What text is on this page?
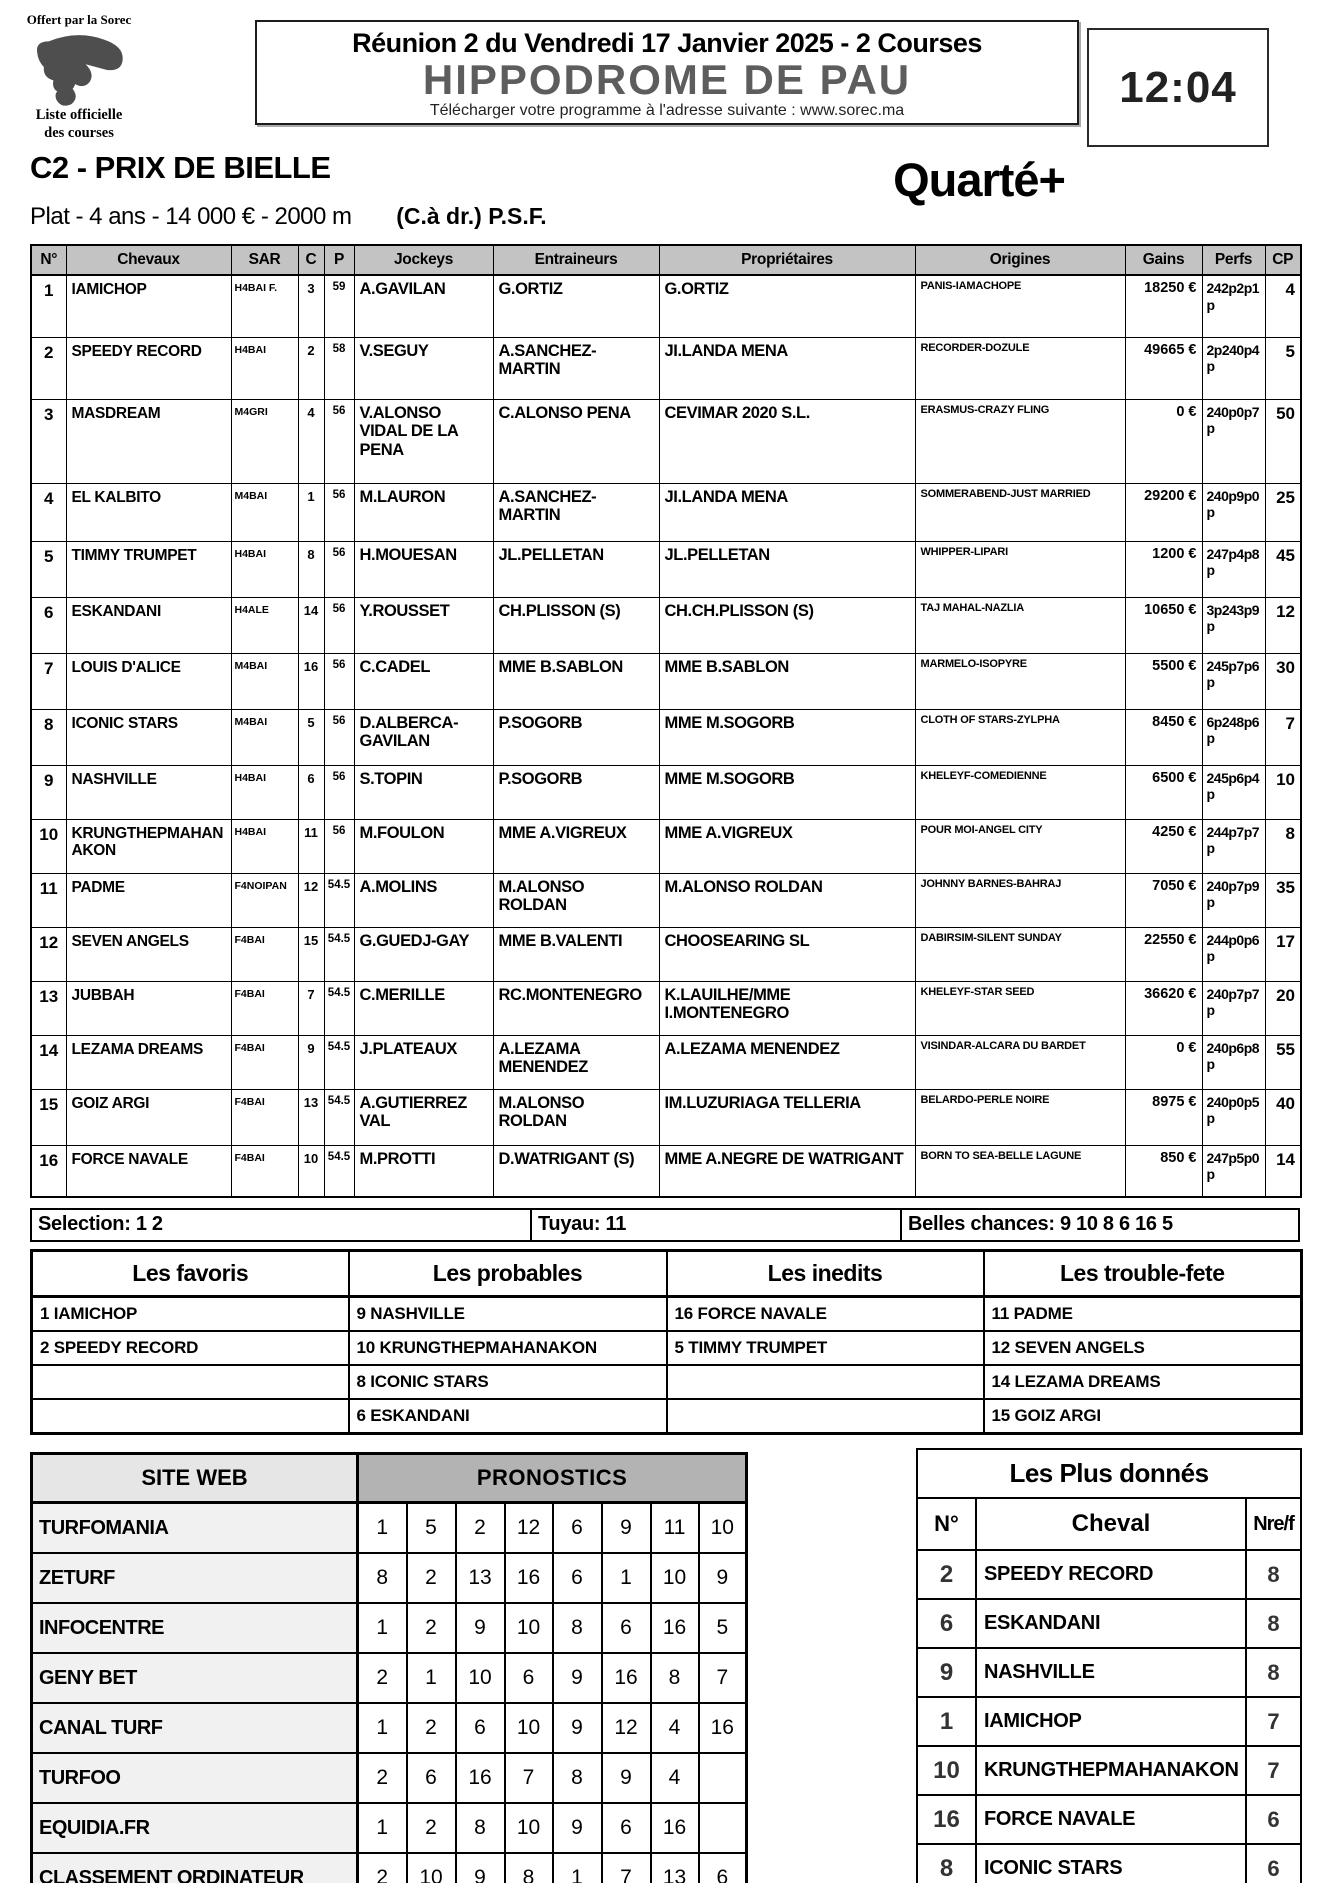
Offert par la Sorec
Liste officielle
des courses
Réunion 2 du Vendredi 17 Janvier 2025 - 2 Courses
HIPPODROME DE PAU
Télécharger votre programme à l'adresse suivante : www.sorec.ma	12:04
C2 - PRIX DE BIELLE	Quarté+
Plat - 4 ans - 14 000 € - 2000 m (C.à dr.) P.S.F.
N°	Chevaux	SAR	C	P	Jockeys	Entraineurs	Propriétaires	Origines	Gains	Perfs	CP
1	IAMICHOP	H4BAI F.	3	59	A.GAVILAN	G.ORTIZ	G.ORTIZ	PANIS-IAMACHOPE	18250 €	242p2p1p	4
2	SPEEDY RECORD	H4BAI	2	58	V.SEGUY	A.SANCHEZ-MARTIN	JI.LANDA MENA	RECORDER-DOZULE	49665 €	2p240p4p	5
3	MASDREAM	M4GRI	4	56	V.ALONSO VIDAL DE LA PENA	C.ALONSO PENA	CEVIMAR 2020 S.L.	ERASMUS-CRAZY FLING	0 €	240p0p7p	50
4	EL KALBITO	M4BAI	1	56	M.LAURON	A.SANCHEZ-MARTIN	JI.LANDA MENA	SOMMERABEND-JUST MARRIED	29200 €	240p9p0p	25
5	TIMMY TRUMPET	H4BAI	8	56	H.MOUESAN	JL.PELLETAN	JL.PELLETAN	WHIPPER-LIPARI	1200 €	247p4p8p	45
6	ESKANDANI	H4ALE	14	56	Y.ROUSSET	CH.PLISSON (S)	CH.CH.PLISSON (S)	TAJ MAHAL-NAZLIA	10650 €	3p243p9p	12
7	LOUIS D'ALICE	M4BAI	16	56	C.CADEL	MME B.SABLON	MME B.SABLON	MARMELO-ISOPYRE	5500 €	245p7p6p	30
8	ICONIC STARS	M4BAI	5	56	D.ALBERCA-GAVILAN	P.SOGORB	MME M.SOGORB	CLOTH OF STARS-ZYLPHA	8450 €	6p248p6p	7
9	NASHVILLE	H4BAI	6	56	S.TOPIN	P.SOGORB	MME M.SOGORB	KHELEYF-COMEDIENNE	6500 €	245p6p4p	10
10	KRUNGTHEPMAHANAKON	H4BAI	11	56	M.FOULON	MME A.VIGREUX	MME A.VIGREUX	POUR MOI-ANGEL CITY	4250 €	244p7p7p	8
11	PADME	F4NOIPAN	12	54.5	A.MOLINS	M.ALONSO ROLDAN	M.ALONSO ROLDAN	JOHNNY BARNES-BAHRAJ	7050 €	240p7p9p	35
12	SEVEN ANGELS	F4BAI	15	54.5	G.GUEDJ-GAY	MME B.VALENTI	CHOOSEARING SL	DABIRSIM-SILENT SUNDAY	22550 €	244p0p6p	17
13	JUBBAH	F4BAI	7	54.5	C.MERILLE	RC.MONTENEGRO	K.LAUILHE/MME I.MONTENEGRO	KHELEYF-STAR SEED	36620 €	240p7p7p	20
14	LEZAMA DREAMS	F4BAI	9	54.5	J.PLATEAUX	A.LEZAMA MENENDEZ	A.LEZAMA MENENDEZ	VISINDAR-ALCARA DU BARDET	0 €	240p6p8p	55
15	GOIZ ARGI	F4BAI	13	54.5	A.GUTIERREZ VAL	M.ALONSO ROLDAN	IM.LUZURIAGA TELLERIA	BELARDO-PERLE NOIRE	8975 €	240p0p5p	40
16	FORCE NAVALE	F4BAI	10	54.5	M.PROTTI	D.WATRIGANT (S)	MME A.NEGRE DE WATRIGANT	BORN TO SEA-BELLE LAGUNE	850 €	247p5p0p	14
Selection: 1 2	Tuyau: 11	Belles chances: 9 10 8 6 16 5
Les favoris	Les probables	Les inedits	Les trouble-fete
1 IAMICHOP	9 NASHVILLE	16 FORCE NAVALE	11 PADME
2 SPEEDY RECORD	10 KRUNGTHEPMAHANAKON	5 TIMMY TRUMPET	12 SEVEN ANGELS
	8 ICONIC STARS		14 LEZAMA DREAMS
	6 ESKANDANI		15 GOIZ ARGI
SITE WEB	PRONOSTICS							
TURFOMANIA	1	5	2	12	6	9	11	10
ZETURF	8	2	13	16	6	1	10	9
INFOCENTRE	1	2	9	10	8	6	16	5
GENY BET	2	1	10	6	9	16	8	7
CANAL TURF	1	2	6	10	9	12	4	16
TURFOO	2	6	16	7	8	9	4	
EQUIDIA.FR	1	2	8	10	9	6	16	
CLASSEMENT ORDINATEUR	2	10	9	8	1	7	13	6
Les Plus donnés		
N°	Cheval	Nre/f
2	SPEEDY RECORD	8
6	ESKANDANI	8
9	NASHVILLE	8
1	IAMICHOP	7
10	KRUNGTHEPMAHANAKON	7
16	FORCE NAVALE	6
8	ICONIC STARS	6
